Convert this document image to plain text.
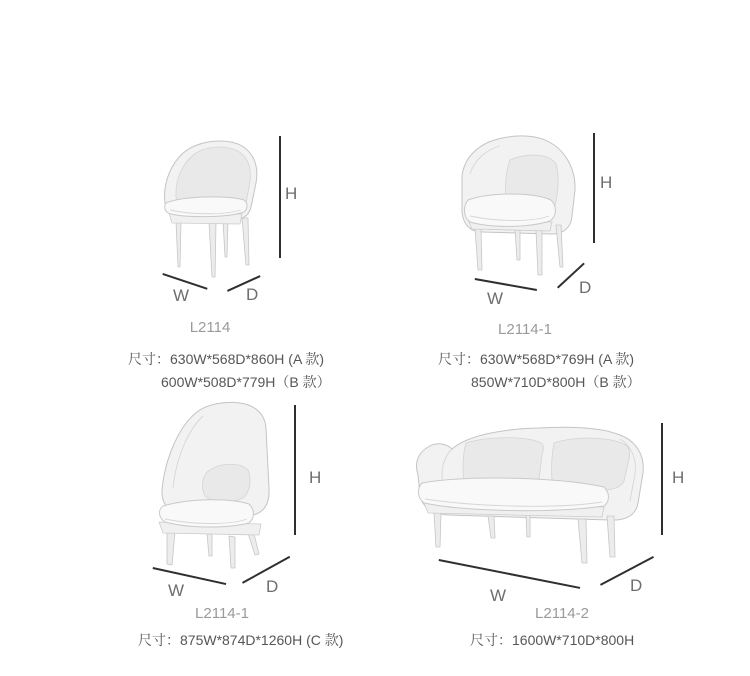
H
W	D
L2114
尺寸：630W*568D*860H (A 款)
600W*508D*779H（B 款）
H
W
D
L2114-1
尺寸：630W*568D*769H (A 款)
850W*710D*800H（B 款）
H
W	D
L2114-1
尺寸：875W*874D*1260H (C 款)
H
W
D
L2114-2
尺寸：1600W*710D*800H
